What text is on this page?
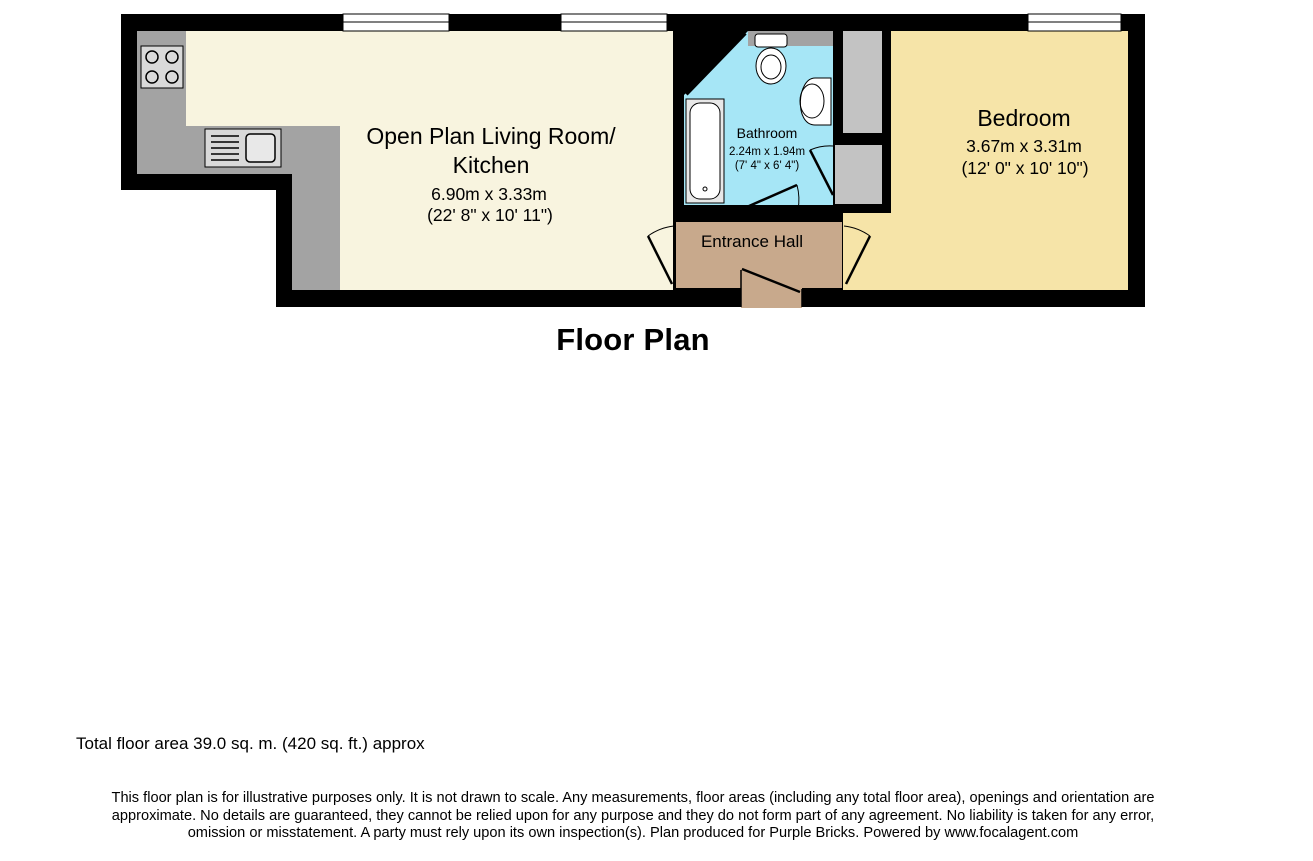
Open Plan Living Room/
Kitchen
6.90m x 3.33m
(22' 8" x 10' 11")
Bathroom
2.24m x 1.94m
(7' 4" x 6' 4")
Bedroom
3.67m x 3.31m
(12' 0" x 10' 10")
Entrance Hall
Floor Plan
Total floor area 39.0 sq. m. (420 sq. ft.) approx
This floor plan is for illustrative purposes only. It is not drawn to scale. Any measurements, floor areas (including any total floor area), openings and orientation are
approximate. No details are guaranteed, they cannot be relied upon for any purpose and they do not form part of any agreement. No liability is taken for any error,
omission or misstatement. A party must rely upon its own inspection(s). Plan produced for Purple Bricks. Powered by www.focalagent.com
